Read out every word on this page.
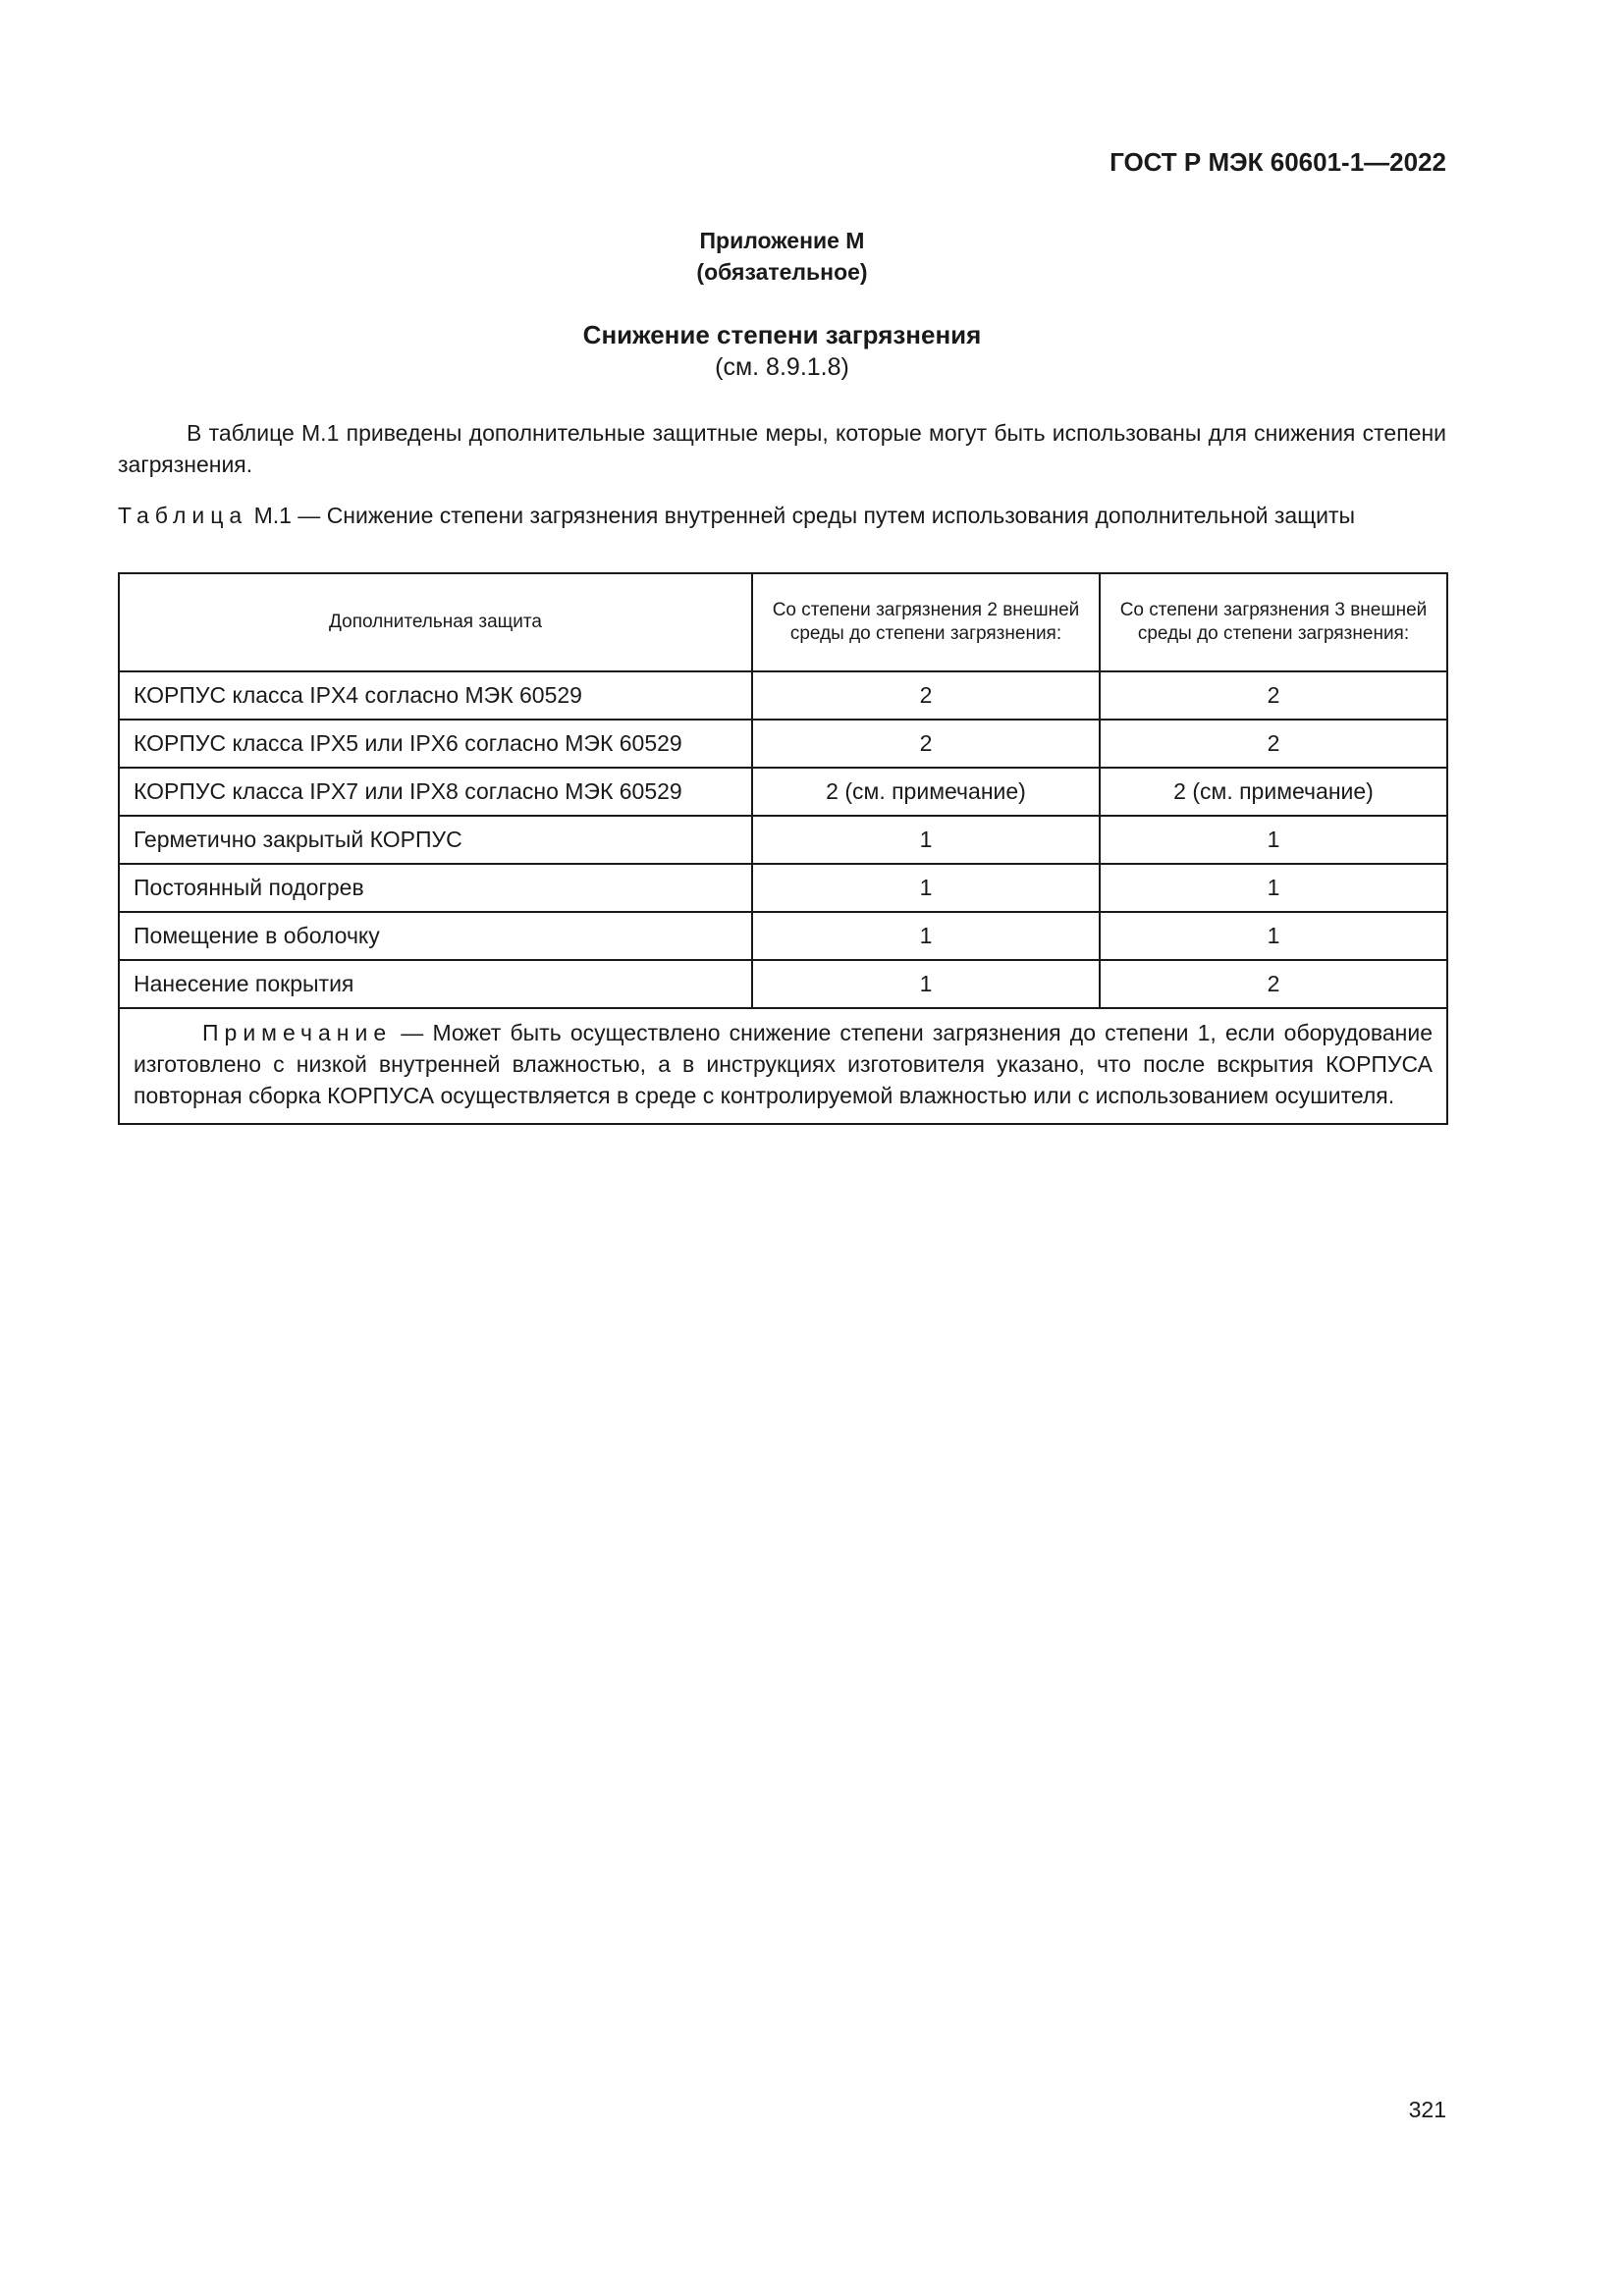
ГОСТ Р МЭК 60601-1—2022
Приложение М
(обязательное)
Снижение степени загрязнения
(см. 8.9.1.8)

В таблице М.1 приведены дополнительные защитные меры, которые могут быть использованы для снижения степени загрязнения.

Таблица М.1 — Снижение степени загрязнения внутренней среды путем использования дополнительной защиты

Дополнительная защита	Со степени загрязнения 2 внешней среды до степени загрязнения:	Со степени загрязнения 3 внешней среды до степени загрязнения:
КОРПУС класса IPX4 согласно МЭК 60529	2	2
КОРПУС класса IPX5 или IPX6 согласно МЭК 60529	2	2
КОРПУС класса IPX7 или IPX8 согласно МЭК 60529	2 (см. примечание)	2 (см. примечание)
Герметично закрытый КОРПУС	1	1
Постоянный подогрев	1	1
Помещение в оболочку	1	1
Нанесение покрытия	1	2

Примечание — Может быть осуществлено снижение степени загрязнения до степени 1, если оборудование изготовлено с низкой внутренней влажностью, а в инструкциях изготовителя указано, что после вскрытия КОРПУСА повторная сборка КОРПУСА осуществляется в среде с контролируемой влажностью или с использованием осушителя.		
321
